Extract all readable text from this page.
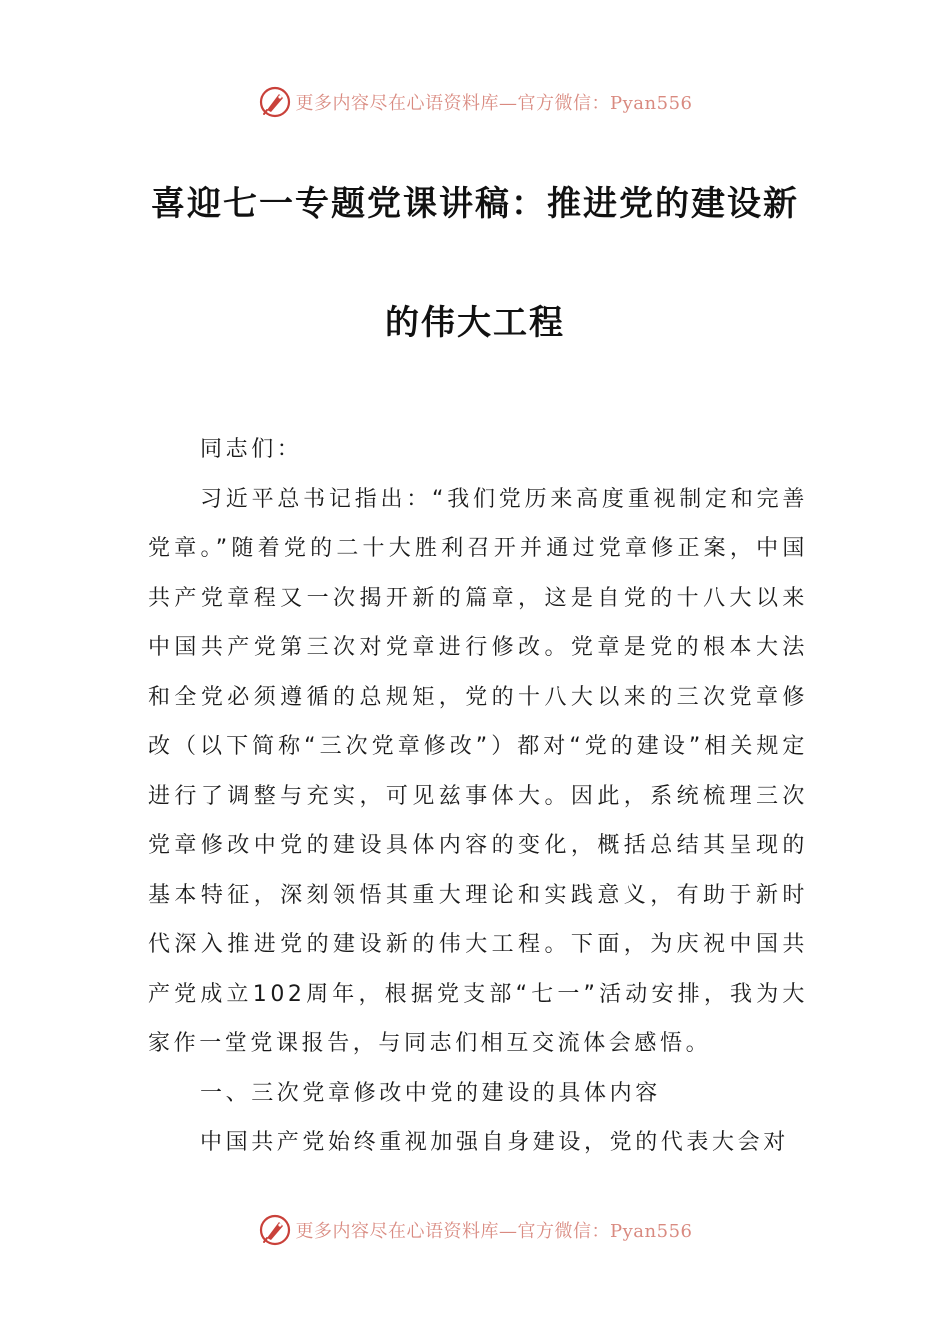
更多内容尽在心语资料库—官方微信：Pyan556
喜迎七一专题党课讲稿：推进党的建设新
的伟大工程

同志们：

习近平总书记指出：“我们党历来高度重视制定和完善党章。”随着党的二十大胜利召开并通过党章修正案，中国共产党章程又一次揭开新的篇章，这是自党的十八大以来中国共产党第三次对党章进行修改。党章是党的根本大法和全党必须遵循的总规矩，党的十八大以来的三次党章修改（以下简称“三次党章修改”）都对“党的建设”相关规定进行了调整与充实，可见兹事体大。因此，系统梳理三次党章修改中党的建设具体内容的变化，概括总结其呈现的基本特征，深刻领悟其重大理论和实践意义，有助于新时代深入推进党的建设新的伟大工程。下面，为庆祝中国共产党成立102周年，根据党支部“七一”活动安排，我为大家作一堂党课报告，与同志们相互交流体会感悟。

一、三次党章修改中党的建设的具体内容

中国共产党始终重视加强自身建设，党的代表大会对

更多内容尽在心语资料库—官方微信：Pyan556
